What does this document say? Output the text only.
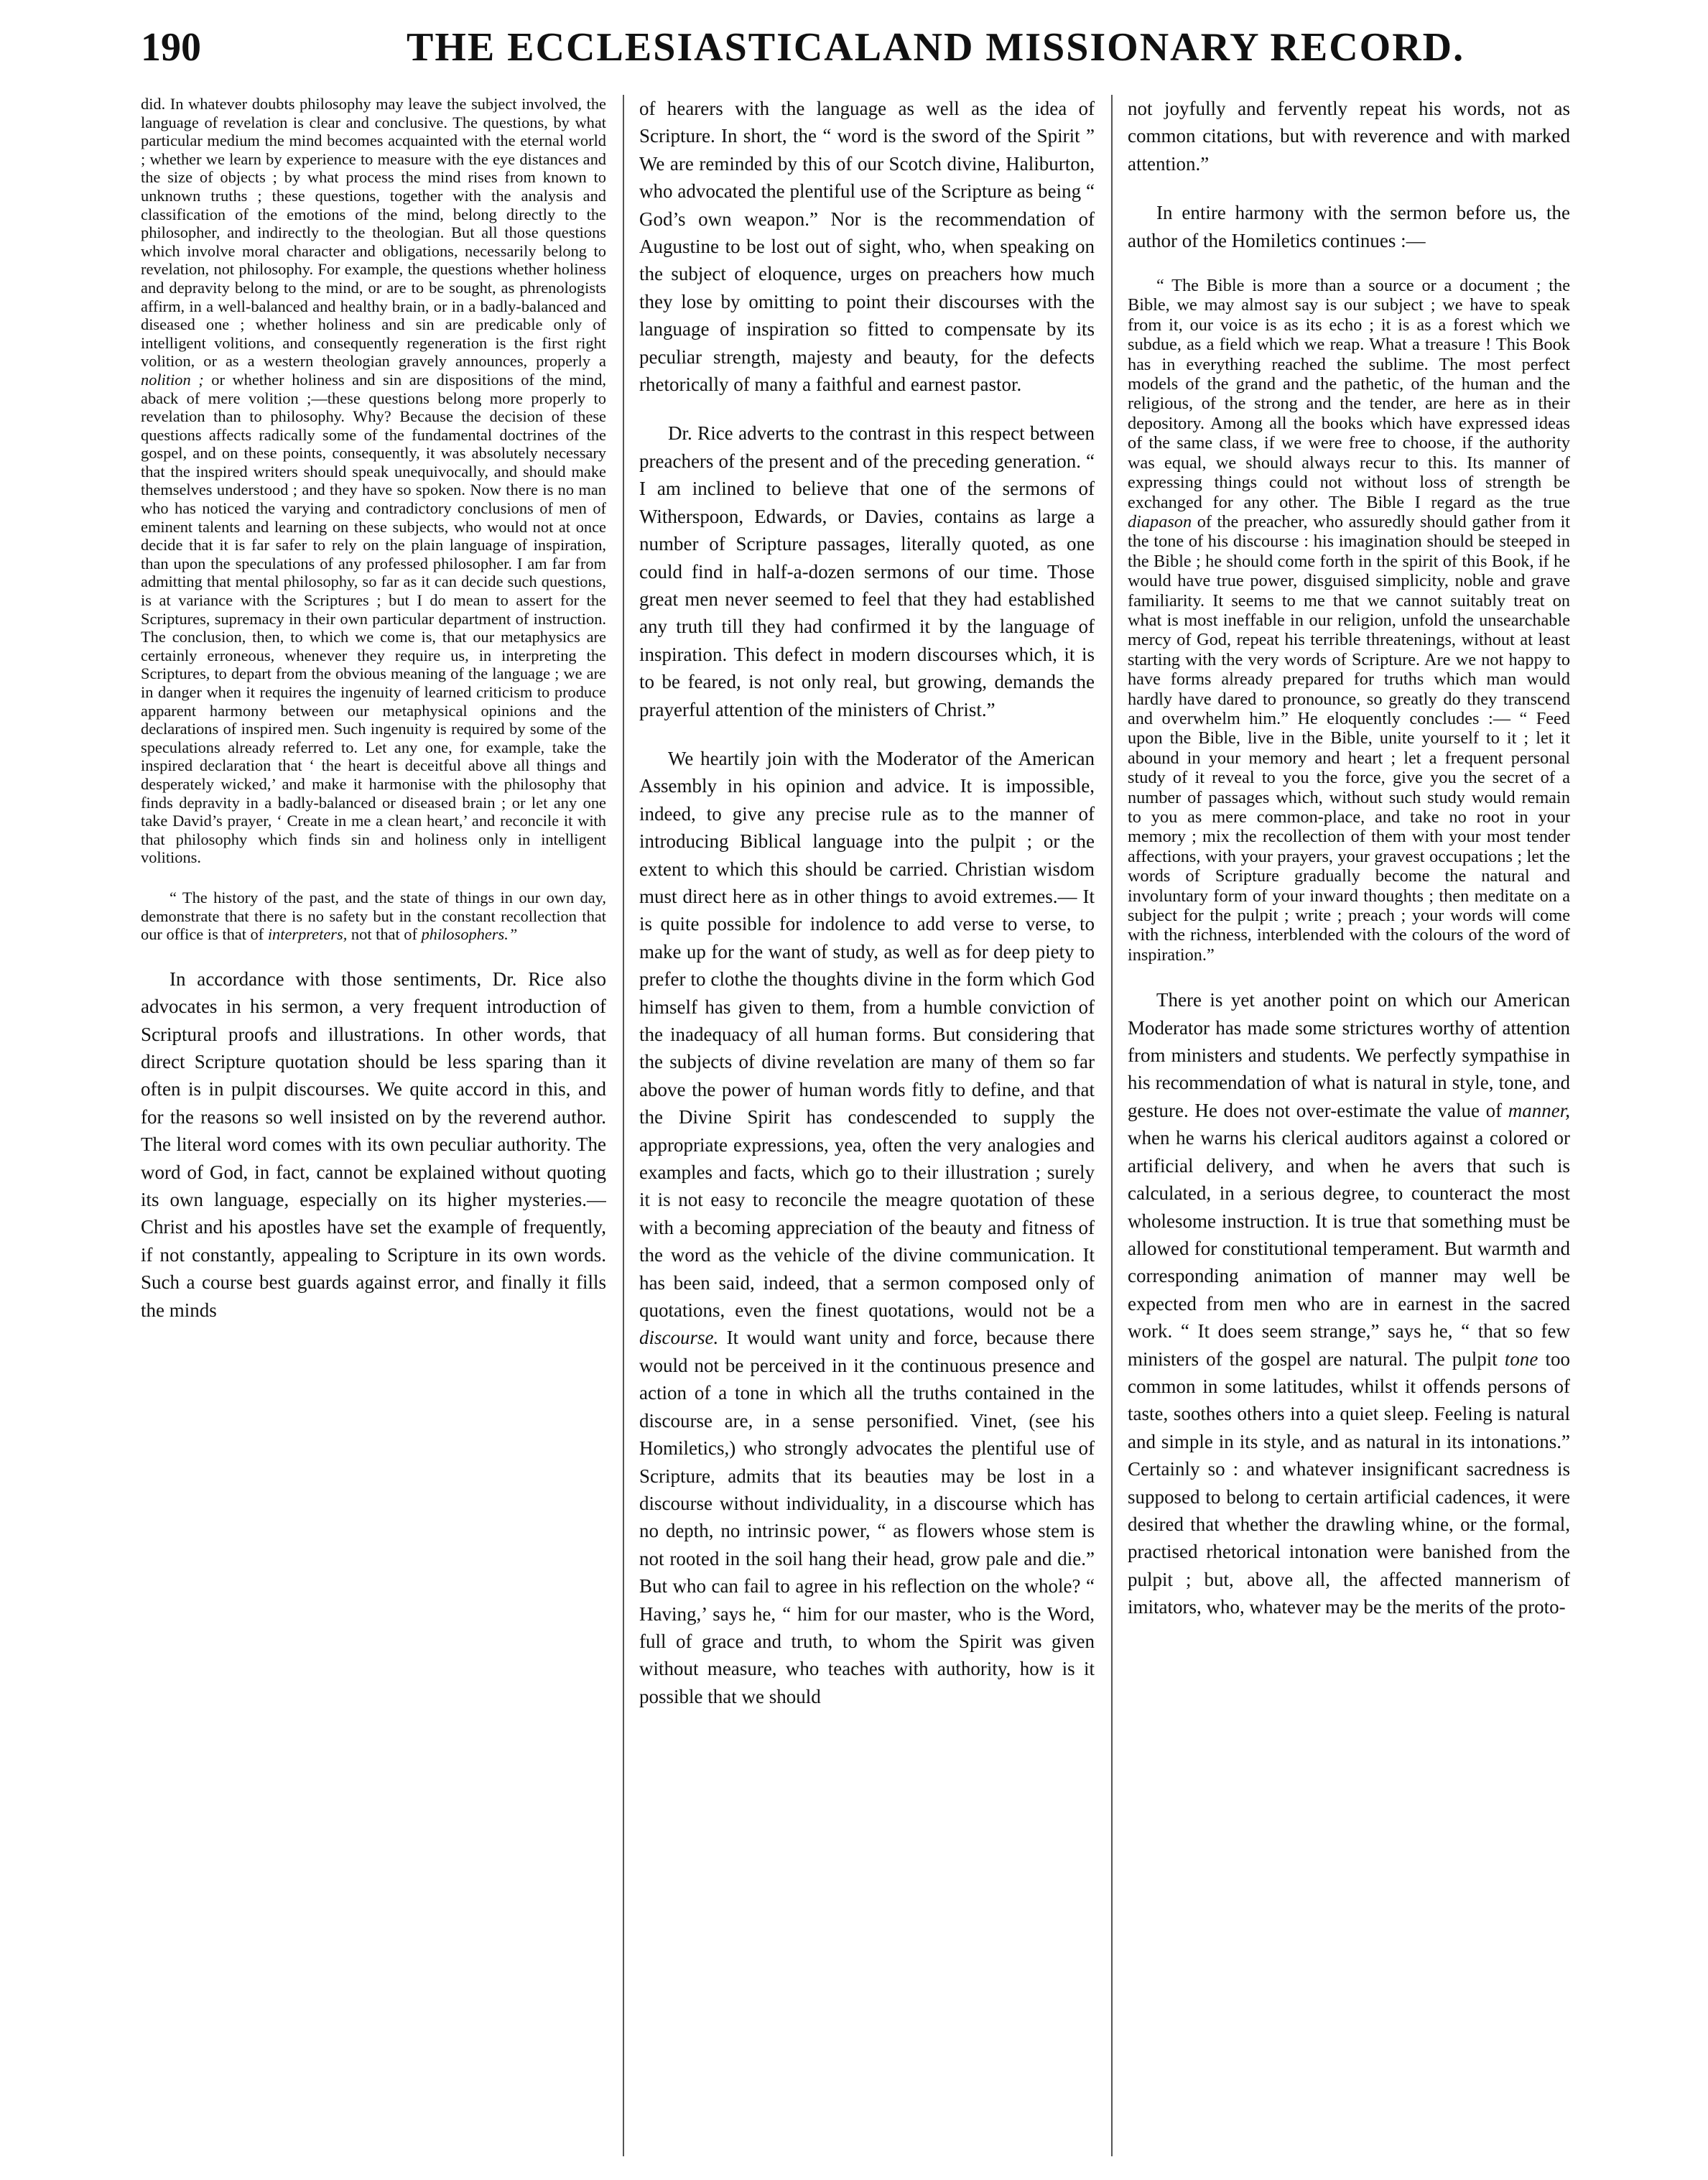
190	THE ECCLESIASTICALAND MISSIONARY RECORD.

did. In whatever doubts philosophy may leave the subject involved, the language of revelation is clear and conclusive. The questions, by what particular medium the mind becomes acquainted with the eternal world ; whether we learn by experience to measure with the eye distances and the size of objects ; by what process the mind rises from known to unknown truths ; these questions, together with the analysis and classification of the emotions of the mind, belong directly to the philosopher, and indirectly to the theologian. But all those questions which involve moral character and obligations, necessarily belong to revelation, not philosophy. For example, the questions whether holiness and depravity belong to the mind, or are to be sought, as phrenologists affirm, in a well-balanced and healthy brain, or in a badly-balanced and diseased one ; whether holiness and sin are predicable only of intelligent volitions, and consequently regeneration is the first right volition, or as a western theologian gravely announces, properly a nolition ; or whether holiness and sin are dispositions of the mind, aback of mere volition ;—these questions belong more properly to revelation than to philosophy. Why? Because the decision of these questions affects radically some of the fundamental doctrines of the gospel, and on these points, consequently, it was absolutely necessary that the inspired writers should speak unequivocally, and should make themselves understood ; and they have so spoken. Now there is no man who has noticed the varying and contradictory conclusions of men of eminent talents and learning on these subjects, who would not at once decide that it is far safer to rely on the plain language of inspiration, than upon the speculations of any professed philosopher. I am far from admitting that mental philosophy, so far as it can decide such questions, is at variance with the Scriptures ; but I do mean to assert for the Scriptures, supremacy in their own particular department of instruction. The conclusion, then, to which we come is, that our metaphysics are certainly erroneous, whenever they require us, in interpreting the Scriptures, to depart from the obvious meaning of the language ; we are in danger when it requires the ingenuity of learned criticism to produce apparent harmony between our metaphysical opinions and the declarations of inspired men. Such ingenuity is required by some of the speculations already referred to. Let any one, for example, take the inspired declaration that ‘ the heart is deceitful above all things and desperately wicked,’ and make it harmonise with the philosophy that finds depravity in a badly-balanced or diseased brain ; or let any one take David’s prayer, ‘ Create in me a clean heart,’ and reconcile it with that philosophy which finds sin and holiness only in intelligent volitions.

“ The history of the past, and the state of things in our own day, demonstrate that there is no safety but in the constant recollection that our office is that of interpreters, not that of philosophers.”

In accordance with those sentiments, Dr. Rice also advocates in his sermon, a very frequent introduction of Scriptural proofs and illustrations. In other words, that direct Scripture quotation should be less sparing than it often is in pulpit discourses. We quite accord in this, and for the reasons so well insisted on by the reverend author. The literal word comes with its own peculiar authority. The word of God, in fact, cannot be explained without quoting its own language, especially on its higher mysteries.— Christ and his apostles have set the example of frequently, if not constantly, appealing to Scripture in its own words. Such a course best guards against error, and finally it fills the minds

of hearers with the language as well as the idea of Scripture. In short, the “ word is the sword of the Spirit ” We are reminded by this of our Scotch divine, Haliburton, who advocated the plentiful use of the Scripture as being “ God’s own weapon.” Nor is the recommendation of Augustine to be lost out of sight, who, when speaking on the subject of eloquence, urges on preachers how much they lose by omitting to point their discourses with the language of inspiration so fitted to compensate by its peculiar strength, majesty and beauty, for the defects rhetorically of many a faithful and earnest pastor.

Dr. Rice adverts to the contrast in this respect between preachers of the present and of the preceding generation. “ I am inclined to believe that one of the sermons of Witherspoon, Edwards, or Davies, contains as large a number of Scripture passages, literally quoted, as one could find in half-a-dozen sermons of our time. Those great men never seemed to feel that they had established any truth till they had confirmed it by the language of inspiration. This defect in modern discourses which, it is to be feared, is not only real, but growing, demands the prayerful attention of the ministers of Christ.”

We heartily join with the Moderator of the American Assembly in his opinion and advice. It is impossible, indeed, to give any precise rule as to the manner of introducing Biblical language into the pulpit ; or the extent to which this should be carried. Christian wisdom must direct here as in other things to avoid extremes.— It is quite possible for indolence to add verse to verse, to make up for the want of study, as well as for deep piety to prefer to clothe the thoughts divine in the form which God himself has given to them, from a humble conviction of the inadequacy of all human forms. But considering that the subjects of divine revelation are many of them so far above the power of human words fitly to define, and that the Divine Spirit has condescended to supply the appropriate expressions, yea, often the very analogies and examples and facts, which go to their illustration ; surely it is not easy to reconcile the meagre quotation of these with a becoming appreciation of the beauty and fitness of the word as the vehicle of the divine communication. It has been said, indeed, that a sermon composed only of quotations, even the finest quotations, would not be a discourse. It would want unity and force, because there would not be perceived in it the continuous presence and action of a tone in which all the truths contained in the discourse are, in a sense personified. Vinet, (see his Homiletics,) who strongly advocates the plentiful use of Scripture, admits that its beauties may be lost in a discourse without individuality, in a discourse which has no depth, no intrinsic power, “ as flowers whose stem is not rooted in the soil hang their head, grow pale and die.” But who can fail to agree in his reflection on the whole? “ Having,’ says he, “ him for our master, who is the Word, full of grace and truth, to whom the Spirit was given without measure, who teaches with authority, how is it possible that we should

not joyfully and fervently repeat his words, not as common citations, but with reverence and with marked attention.”

In entire harmony with the sermon before us, the author of the Homiletics continues :—

“ The Bible is more than a source or a document ; the Bible, we may almost say is our subject ; we have to speak from it, our voice is as its echo ; it is as a forest which we subdue, as a field which we reap. What a treasure ! This Book has in everything reached the sublime. The most perfect models of the grand and the pathetic, of the human and the religious, of the strong and the tender, are here as in their depository. Among all the books which have expressed ideas of the same class, if we were free to choose, if the authority was equal, we should always recur to this. Its manner of expressing things could not without loss of strength be exchanged for any other. The Bible I regard as the true diapason of the preacher, who assuredly should gather from it the tone of his discourse : his imagination should be steeped in the Bible ; he should come forth in the spirit of this Book, if he would have true power, disguised simplicity, noble and grave familiarity. It seems to me that we cannot suitably treat on what is most ineffable in our religion, unfold the unsearchable mercy of God, repeat his terrible threatenings, without at least starting with the very words of Scripture. Are we not happy to have forms already prepared for truths which man would hardly have dared to pronounce, so greatly do they transcend and overwhelm him.” He eloquently concludes :— “ Feed upon the Bible, live in the Bible, unite yourself to it ; let it abound in your memory and heart ; let a frequent personal study of it reveal to you the force, give you the secret of a number of passages which, without such study would remain to you as mere common-place, and take no root in your memory ; mix the recollection of them with your most tender affections, with your prayers, your gravest occupations ; let the words of Scripture gradually become the natural and involuntary form of your inward thoughts ; then meditate on a subject for the pulpit ; write ; preach ; your words will come with the richness, interblended with the colours of the word of inspiration.”

There is yet another point on which our American Moderator has made some strictures worthy of attention from ministers and students. We perfectly sympathise in his recommendation of what is natural in style, tone, and gesture. He does not over-estimate the value of manner, when he warns his clerical auditors against a colored or artificial delivery, and when he avers that such is calculated, in a serious degree, to counteract the most wholesome instruction. It is true that something must be allowed for constitutional temperament. But warmth and corresponding animation of manner may well be expected from men who are in earnest in the sacred work. “ It does seem strange,” says he, “ that so few ministers of the gospel are natural. The pulpit tone too common in some latitudes, whilst it offends persons of taste, soothes others into a quiet sleep. Feeling is natural and simple in its style, and as natural in its intonations.” Certainly so : and whatever insignificant sacredness is supposed to belong to certain artificial cadences, it were desired that whether the drawling whine, or the formal, practised rhetorical intonation were banished from the pulpit ; but, above all, the affected mannerism of imitators, who, whatever may be the merits of the proto-
